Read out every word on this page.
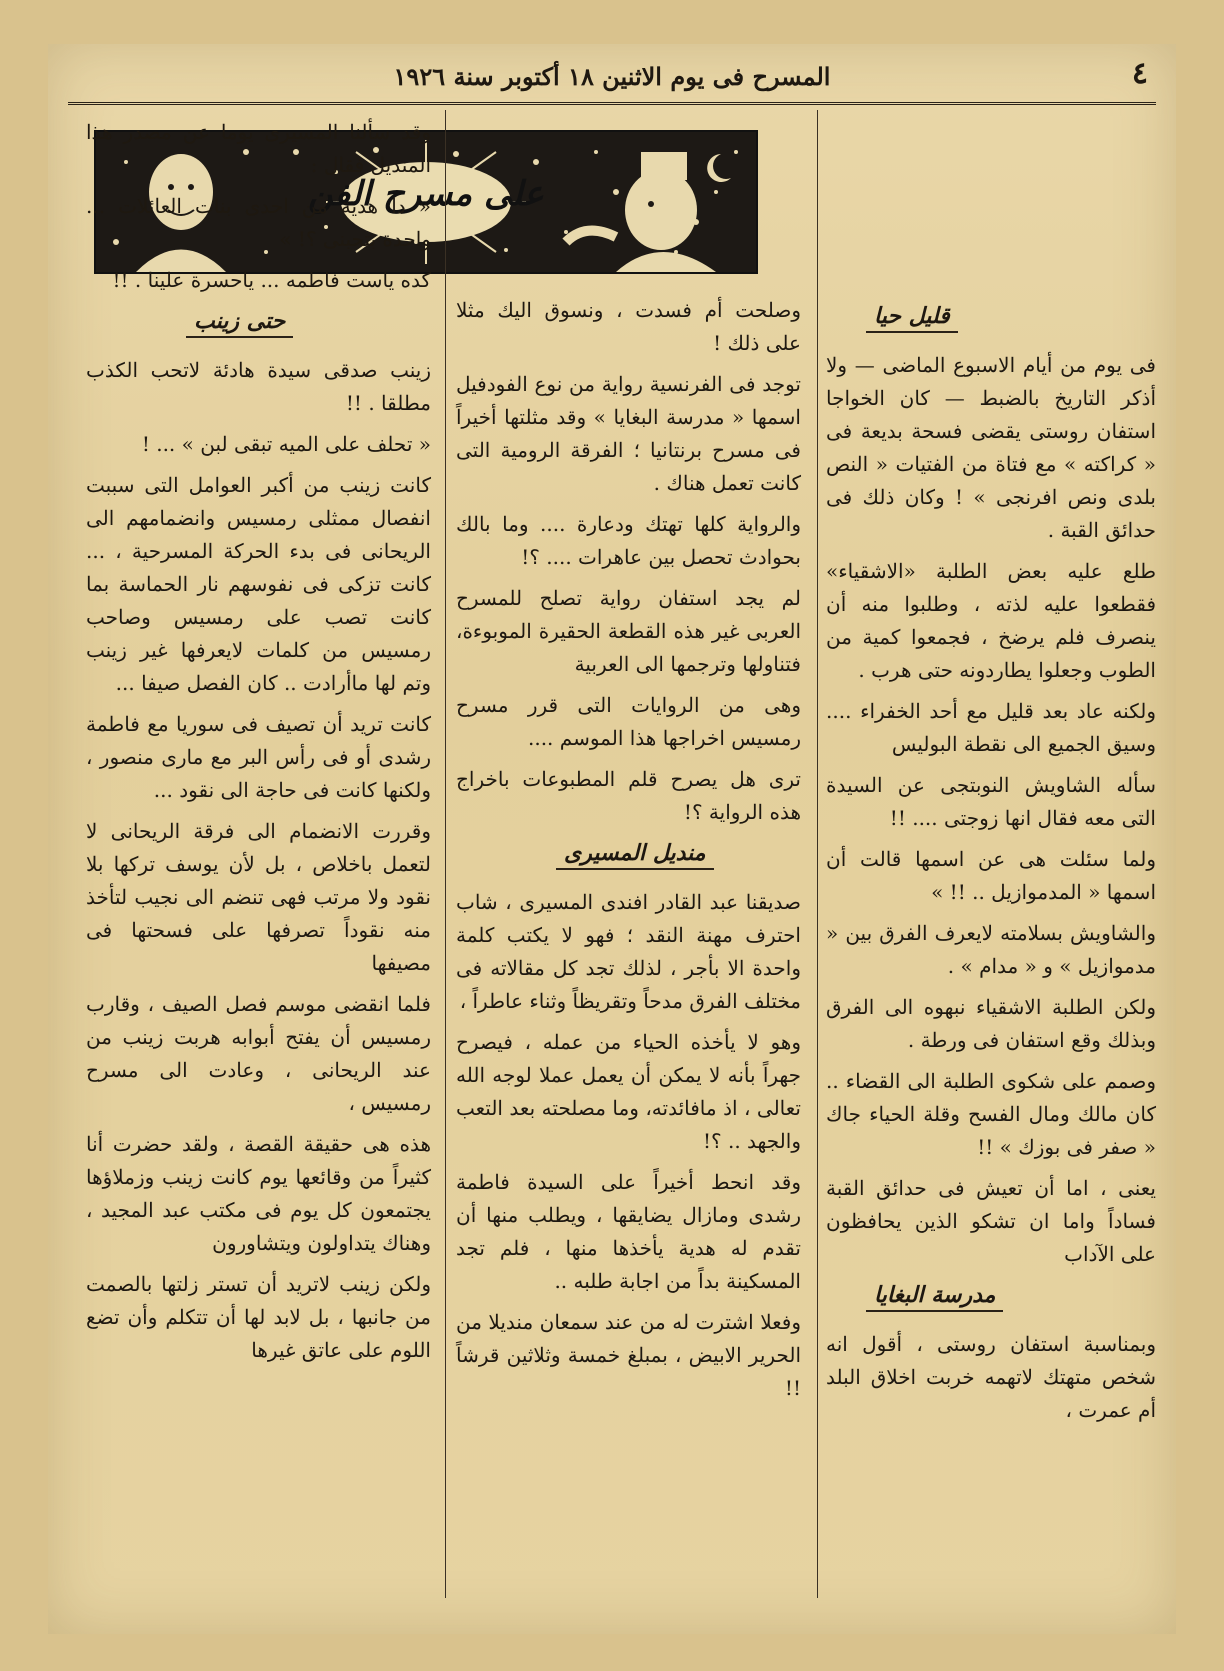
٤
المسرح فى يوم الاثنين ١٨ أكتوبر سنة ١٩٢٦
على مسرح الفن
قليل حيا

فى يوم من أيام الاسبوع الماضى — ولا أذكر التاريخ بالضبط — كان الخواجا استفان روستى يقضى فسحة بديعة فى « كراكته » مع فتاة من الفتيات « النص بلدى ونص افرنجى » ! وكان ذلك فى حدائق القبة .

طلع عليه بعض الطلبة «الاشقياء» فقطعوا عليه لذته ، وطلبوا منه أن ينصرف فلم يرضخ ، فجمعوا كمية من الطوب وجعلوا يطاردونه حتى هرب .

ولكنه عاد بعد قليل مع أحد الخفراء .... وسيق الجميع الى نقطة البوليس

سأله الشاويش النوبتجى عن السيدة التى معه فقال انها زوجتى .... !!

ولما سئلت هى عن اسمها قالت أن اسمها « المدموازيل .. !! »

والشاويش بسلامته لايعرف الفرق بين « مدموازيل » و « مدام » .

ولكن الطلبة الاشقياء نبهوه الى الفرق وبذلك وقع استفان فى ورطة .

وصمم على شكوى الطلبة الى القضاء .. كان مالك ومال الفسح وقلة الحياء جاك « صفر فى بوزك » !!

يعنى ، اما أن تعيش فى حدائق القبة فساداً واما ان تشكو الذين يحافظون على الآداب

مدرسة البغايا

وبمناسبة استفان روستى ، أقول انه شخص متهتك لاتهمه خربت اخلاق البلد أم عمرت ،

وصلحت أم فسدت ، ونسوق اليك مثلا على ذلك !

توجد فى الفرنسية رواية من نوع الفودفيل اسمها « مدرسة البغايا » وقد مثلتها أخيراً فى مسرح برنتانيا ؛ الفرقة الرومية التى كانت تعمل هناك .

والرواية كلها تهتك ودعارة .... وما بالك بحوادث تحصل بين عاهرات .... ؟!

لم يجد استفان رواية تصلح للمسرح العربى غير هذه القطعة الحقيرة الموبوءة، فتناولها وترجمها الى العربية

وهى من الروايات التى قرر مسرح رمسيس اخراجها هذا الموسم ....

ترى هل يصرح قلم المطبوعات باخراج هذه الرواية ؟!

منديل المسيرى

صديقنا عبد القادر افندى المسيرى ، شاب احترف مهنة النقد ؛ فهو لا يكتب كلمة واحدة الا بأجر ، لذلك تجد كل مقالاته فى مختلف الفرق مدحاً وتقريظاً وثناء عاطراً ،

وهو لا يأخذه الحياء من عمله ، فيصرح جهراً بأنه لا يمكن أن يعمل عملا لوجه الله تعالى ، اذ مافائدته، وما مصلحته بعد التعب والجهد .. ؟!

وقد انحط أخيراً على السيدة فاطمة رشدى ومازال يضايقها ، ويطلب منها أن تقدم له هدية يأخذها منها ، فلم تجد المسكينة بداً من اجابة طلبه ..

وفعلا اشترت له من عند سمعان منديلا من الحرير الابيض ، بمبلغ خمسة وثلاثين قرشاً !!

وقد سألنا المسيرى يوما عن مصدر هذا المنديل فقال :

« دا هدية من احدى بنات العائلات ... واحدة بتحبنى ؟! »

كده ياست فاطمه ... ياحسرة علينا . !!

حتى زينب

زينب صدقى سيدة هادئة لاتحب الكذب مطلقا . !!

« تحلف على الميه تبقى لبن » ... !

كانت زينب من أكبر العوامل التى سببت انفصال ممثلى رمسيس وانضمامهم الى الريحانى فى بدء الحركة المسرحية ، ... كانت تزكى فى نفوسهم نار الحماسة بما كانت تصب على رمسيس وصاحب رمسيس من كلمات لايعرفها غير زينب وتم لها ماأرادت .. كان الفصل صيفا ...

كانت تريد أن تصيف فى سوريا مع فاطمة رشدى أو فى رأس البر مع مارى منصور ، ولكنها كانت فى حاجة الى نقود ...

وقررت الانضمام الى فرقة الريحانى لا لتعمل باخلاص ، بل لأن يوسف تركها بلا نقود ولا مرتب فهى تنضم الى نجيب لتأخذ منه نقوداً تصرفها على فسحتها فى مصيفها

فلما انقضى موسم فصل الصيف ، وقارب رمسيس أن يفتح أبوابه هربت زينب من عند الريحانى ، وعادت الى مسرح رمسيس ،

هذه هى حقيقة القصة ، ولقد حضرت أنا كثيراً من وقائعها يوم كانت زينب وزملاؤها يجتمعون كل يوم فى مكتب عبد المجيد ، وهناك يتداولون ويتشاورون

ولكن زينب لاتريد أن تستر زلتها بالصمت من جانبها ، بل لابد لها أن تتكلم وأن تضع اللوم على عاتق غيرها
